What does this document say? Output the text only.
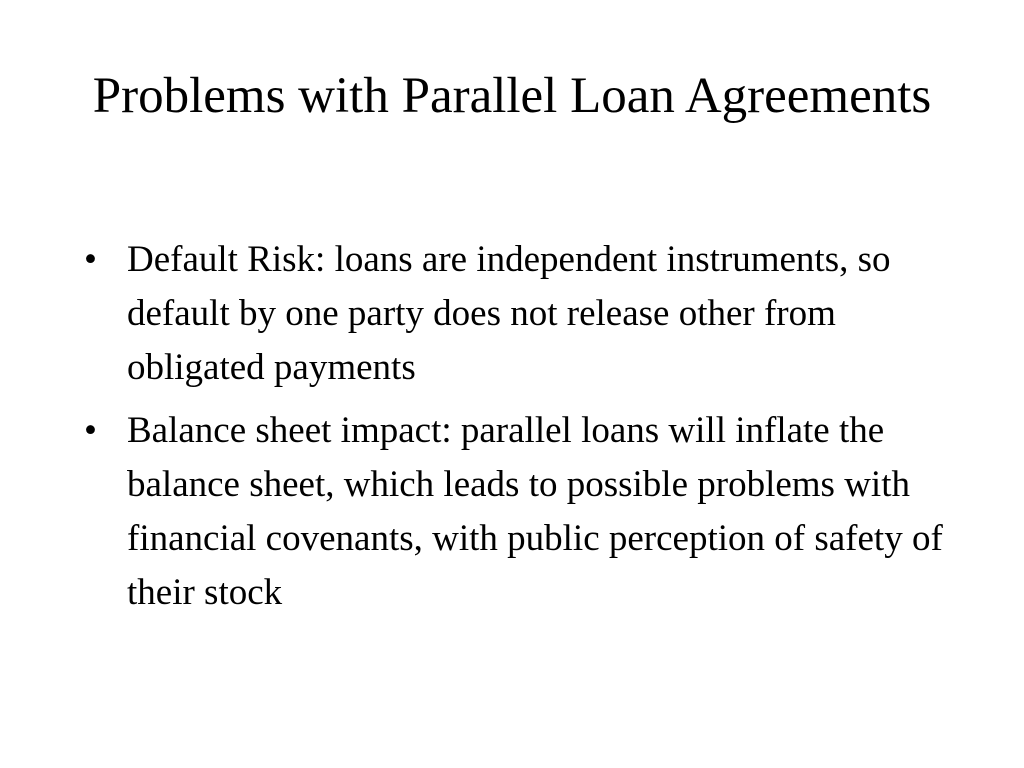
Problems with Parallel Loan Agreements
• Default Risk: loans are independent instruments, so default by one party does not release other from obligated payments
• Balance sheet impact: parallel loans will inflate the balance sheet, which leads to possible problems with financial covenants, with public perception of safety of their stock
